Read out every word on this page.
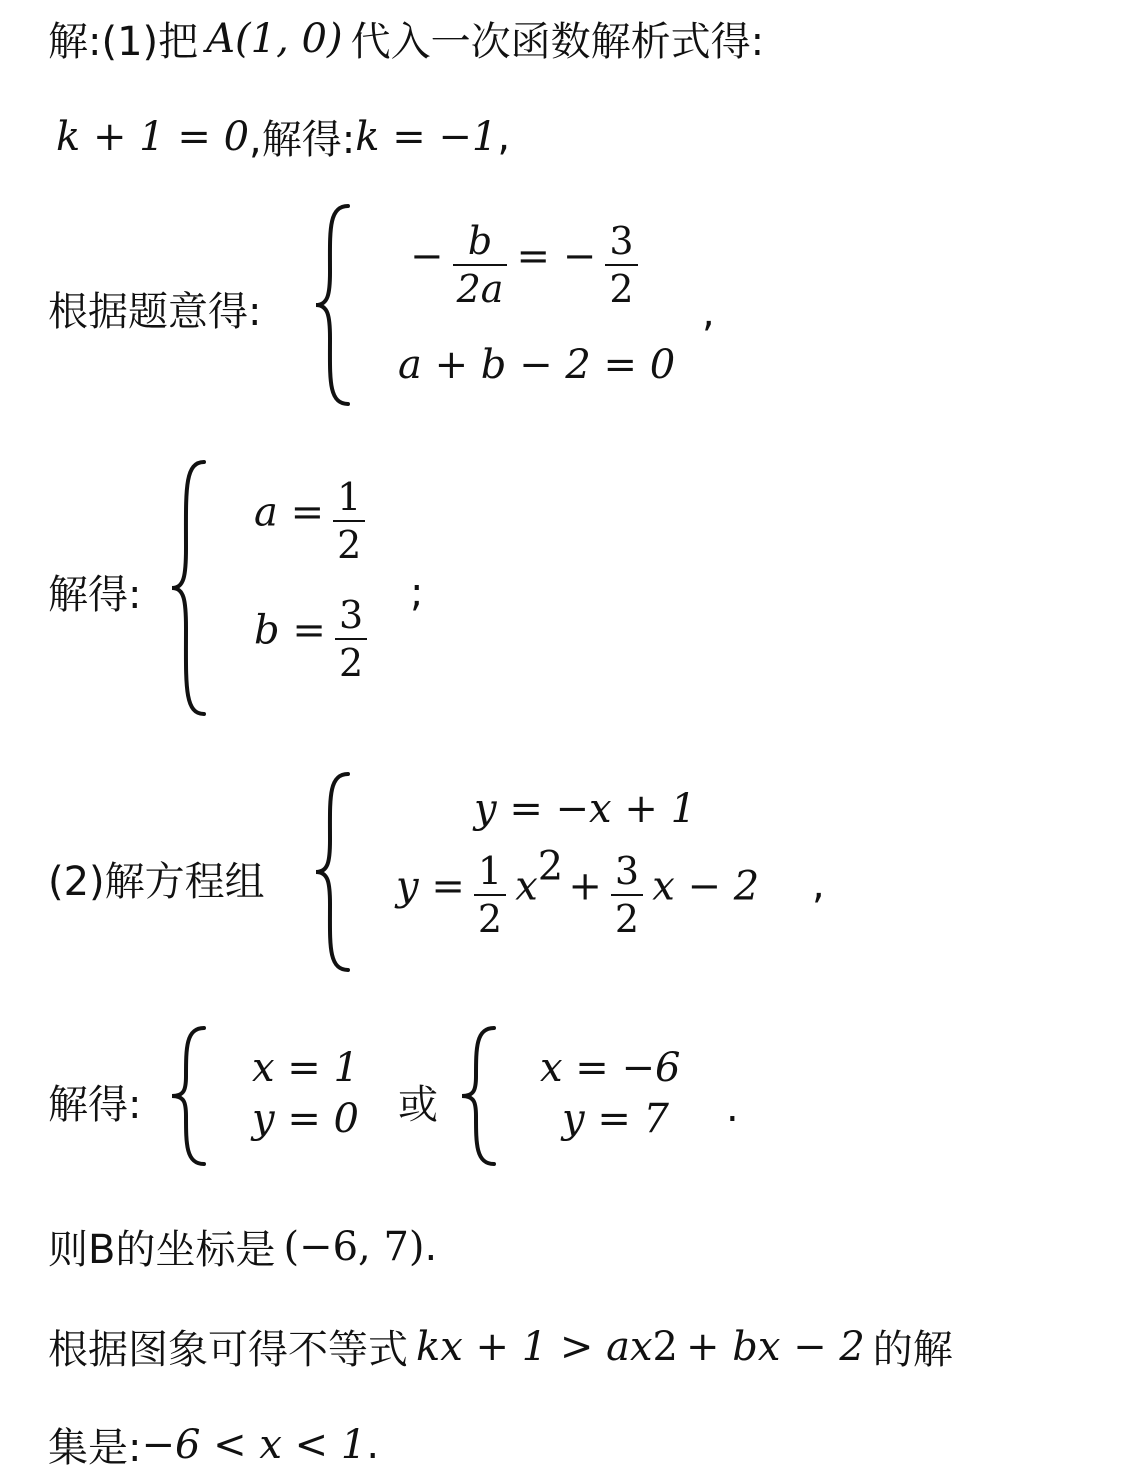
解:(1)把 A(1, 0) 代入一次函数解析式得:
k + 1 = 0 ,解得: k = −1 ,
根据题意得:
− $\frac{b}{2a}$ = − $\frac{3}{2}$
a + b − 2 = 0
,
解得:
$a = \frac{1}{2}$
$b = \frac{3}{2}$
;
(2)解方程组
y = −x + 1
$y = \frac{1}{2} x^2 + \frac{3}{2}$ x − 2 ,
解得:
x = 1
y = 0 或
x = −6
y = 7 .
则B的坐标是 (−6, 7) .
根据图象可得不等式 kx + 1 > ax 2 + bx − 2 的解
集是: −6 < x < 1 .
